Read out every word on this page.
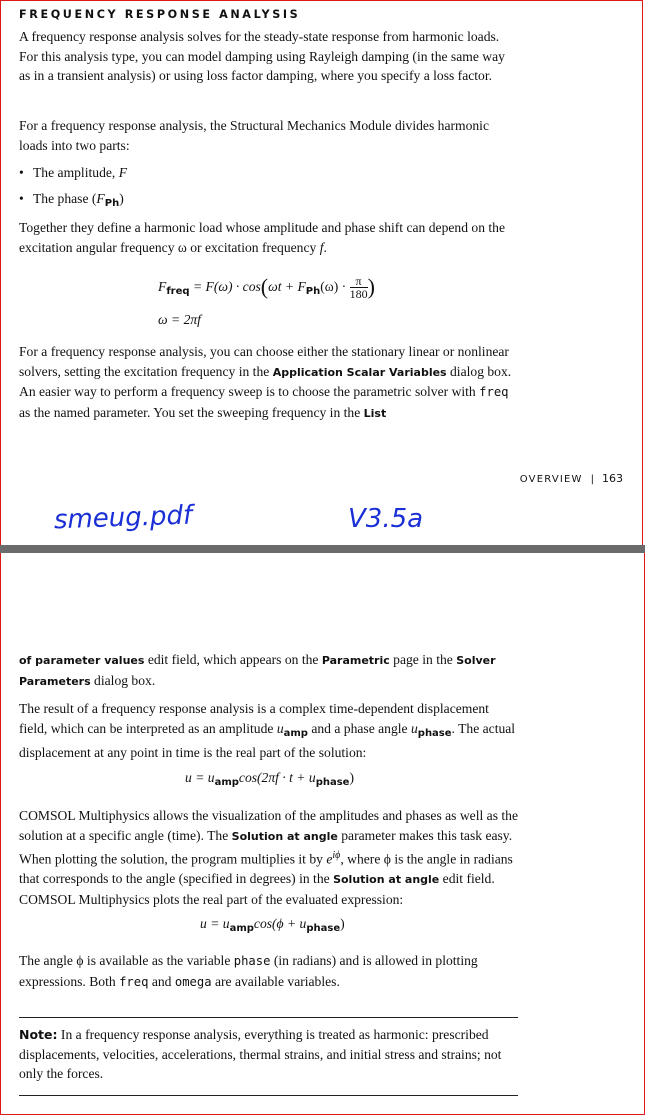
FREQUENCY RESPONSE ANALYSIS

A frequency response analysis solves for the steady-state response from harmonic loads. For this analysis type, you can model damping using Rayleigh damping (in the same way as in a transient analysis) or using loss factor damping, where you specify a loss factor.

For a frequency response analysis, the Structural Mechanics Module divides harmonic loads into two parts:

• The amplitude, F
• The phase $(F_{Ph})$

Together they define a harmonic load whose amplitude and phase shift can depend on the excitation angular frequency ω or excitation frequency f.

$F_{freq} = F(\omega) \cdot \cos(\omega t + F_{Ph}(\omega) \cdot \frac{\pi}{180}$ )
ω = 2πf

For a frequency response analysis, you can choose either the stationary linear or nonlinear solvers, setting the excitation frequency in the Application Scalar Variables dialog box. An easier way to perform a frequency sweep is to choose the parametric solver with freq as the named parameter. You set the sweeping frequency in the List

OVERVIEW | 163
smeug.pdf	V3.5a

of parameter values edit field, which appears on the Parametric page in the Solver Parameters dialog box.

The result of a frequency response analysis is a complex time-dependent displacement field, which can be interpreted as an amplitude $u_{amp}$ and a phase angle $u_{phase}$. The actual displacement at any point in time is the real part of the solution:

$u = u_{amp}\cos(2\pi f \cdot t + u_{phase})$

COMSOL Multiphysics allows the visualization of the amplitudes and phases as well as the solution at a specific angle (time). The Solution at angle parameter makes this task easy. When plotting the solution, the program multiplies it by $e^{i\phi}$, where ϕ is the angle in radians that corresponds to the angle (specified in degrees) in the Solution at angle edit field. COMSOL Multiphysics plots the real part of the evaluated expression:

$u = u_{amp}\cos(\phi + u_{phase})$

The angle ϕ is available as the variable phase (in radians) and is allowed in plotting expressions. Both freq and omega are available variables.

Note: In a frequency response analysis, everything is treated as harmonic: prescribed displacements, velocities, accelerations, thermal strains, and initial stress and strains; not only the forces.
